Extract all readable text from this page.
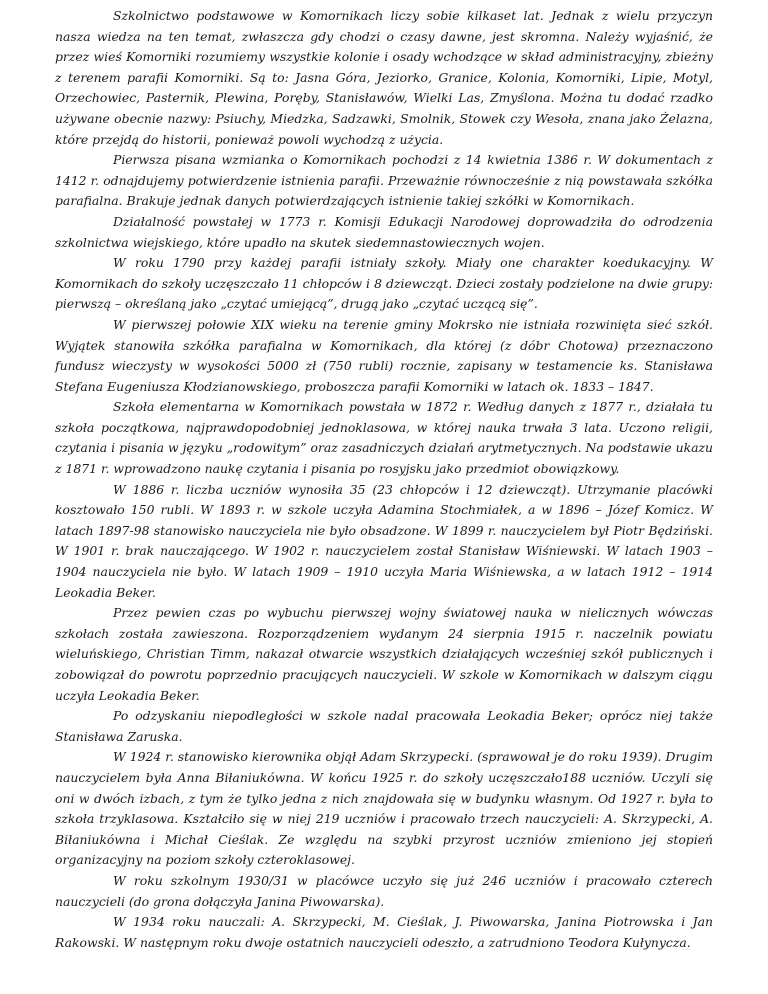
Szkolnictwo podstawowe w Komornikach liczy sobie kilkaset lat. Jednak z wielu przyczyn nasza wiedza na ten temat, zwłaszcza gdy chodzi o czasy dawne, jest skromna. Należy wyjaśnić, że przez wieś Komorniki rozumiemy wszystkie kolonie i osady wchodzące w skład administracyjny, zbieżny z terenem parafii Komorniki. Są to: Jasna Góra, Jeziorko, Granice, Kolonia, Komorniki, Lipie, Motyl, Orzechowiec, Pasternik, Plewina, Poręby, Stanisławów, Wielki Las, Zmyślona. Można tu dodać rzadko używane obecnie nazwy: Psiuchy, Miedzka, Sadzawki, Smolnik, Stowek czy Wesoła, znana jako Żelazna, które przejdą do historii, ponieważ powoli wychodzą z użycia.

Pierwsza pisana wzmianka o Komornikach pochodzi z 14 kwietnia 1386 r. W dokumentach z 1412 r. odnajdujemy potwierdzenie istnienia parafii. Przeważnie równocześnie z nią powstawała szkółka parafialna. Brakuje jednak danych potwierdzających istnienie takiej szkółki w Komornikach.

Działalność powstałej w 1773 r. Komisji Edukacji Narodowej doprowadziła do odrodzenia szkolnictwa wiejskiego, które upadło na skutek siedemnastowiecznych wojen.

W roku 1790 przy każdej parafii istniały szkoły. Miały one charakter koedukacyjny. W Komornikach do szkoły uczęszczało 11 chłopców i 8 dziewcząt. Dzieci zostały podzielone na dwie grupy: pierwszą – określaną jako „czytać umiejącą”, drugą jako „czytać uczącą się”.

W pierwszej połowie XIX wieku na terenie gminy Mokrsko nie istniała rozwinięta sieć szkół. Wyjątek stanowiła szkółka parafialna w Komornikach, dla której (z dóbr Chotowa) przeznaczono fundusz wieczysty w wysokości 5000 zł (750 rubli) rocznie, zapisany w testamencie ks. Stanisława Stefana Eugeniusza Kłodzianowskiego, proboszcza parafii Komorniki w latach ok. 1833 – 1847.

Szkoła elementarna w Komornikach powstała w 1872 r. Według danych z 1877 r., działała tu szkoła początkowa, najprawdopodobniej jednoklasowa, w której nauka trwała 3 lata. Uczono religii, czytania i pisania w języku „rodowitym” oraz zasadniczych działań arytmetycznych. Na podstawie ukazu z 1871 r. wprowadzono naukę czytania i pisania po rosyjsku jako przedmiot obowiązkowy.

W 1886 r. liczba uczniów wynosiła 35 (23 chłopców i 12 dziewcząt). Utrzymanie placówki kosztowało 150 rubli. W 1893 r. w szkole uczyła Adamina Stochmiałek, a w 1896 – Józef Komicz. W latach 1897-98 stanowisko nauczyciela nie było obsadzone. W 1899 r. nauczycielem był Piotr Będziński. W 1901 r. brak nauczającego. W 1902 r. nauczycielem został Stanisław Wiśniewski. W latach 1903 – 1904 nauczyciela nie było. W latach 1909 – 1910 uczyła Maria Wiśniewska, a w latach 1912 – 1914 Leokadia Beker.

Przez pewien czas po wybuchu pierwszej wojny światowej nauka w nielicznych wówczas szkołach została zawieszona. Rozporządzeniem wydanym 24 sierpnia 1915 r. naczelnik powiatu wieluńskiego, Christian Timm, nakazał otwarcie wszystkich działających wcześniej szkół publicznych i zobowiązał do powrotu poprzednio pracujących nauczycieli. W szkole w Komornikach w dalszym ciągu uczyła Leokadia Beker.

Po odzyskaniu niepodległości w szkole nadal pracowała Leokadia Beker; oprócz niej także Stanisława Zaruska.

W 1924 r. stanowisko kierownika objął Adam Skrzypecki. (sprawował je do roku 1939). Drugim nauczycielem była Anna Biłaniukówna. W końcu 1925 r. do szkoły uczęszczało188 uczniów. Uczyli się oni w dwóch izbach, z tym że tylko jedna z nich znajdowała się w budynku własnym. Od 1927 r. była to szkoła trzyklasowa. Kształciło się w niej 219 uczniów i pracowało trzech nauczycieli: A. Skrzypecki, A. Biłaniukówna i Michał Cieślak. Ze względu na szybki przyrost uczniów zmieniono jej stopień organizacyjny na poziom szkoły czteroklasowej.

W roku szkolnym 1930/31 w placówce uczyło się już 246 uczniów i pracowało czterech nauczycieli (do grona dołączyła Janina Piwowarska).

W 1934 roku nauczali: A. Skrzypecki, M. Cieślak, J. Piwowarska, Janina Piotrowska i Jan Rakowski. W następnym roku dwoje ostatnich nauczycieli odeszło, a zatrudniono Teodora Kułynycza.
